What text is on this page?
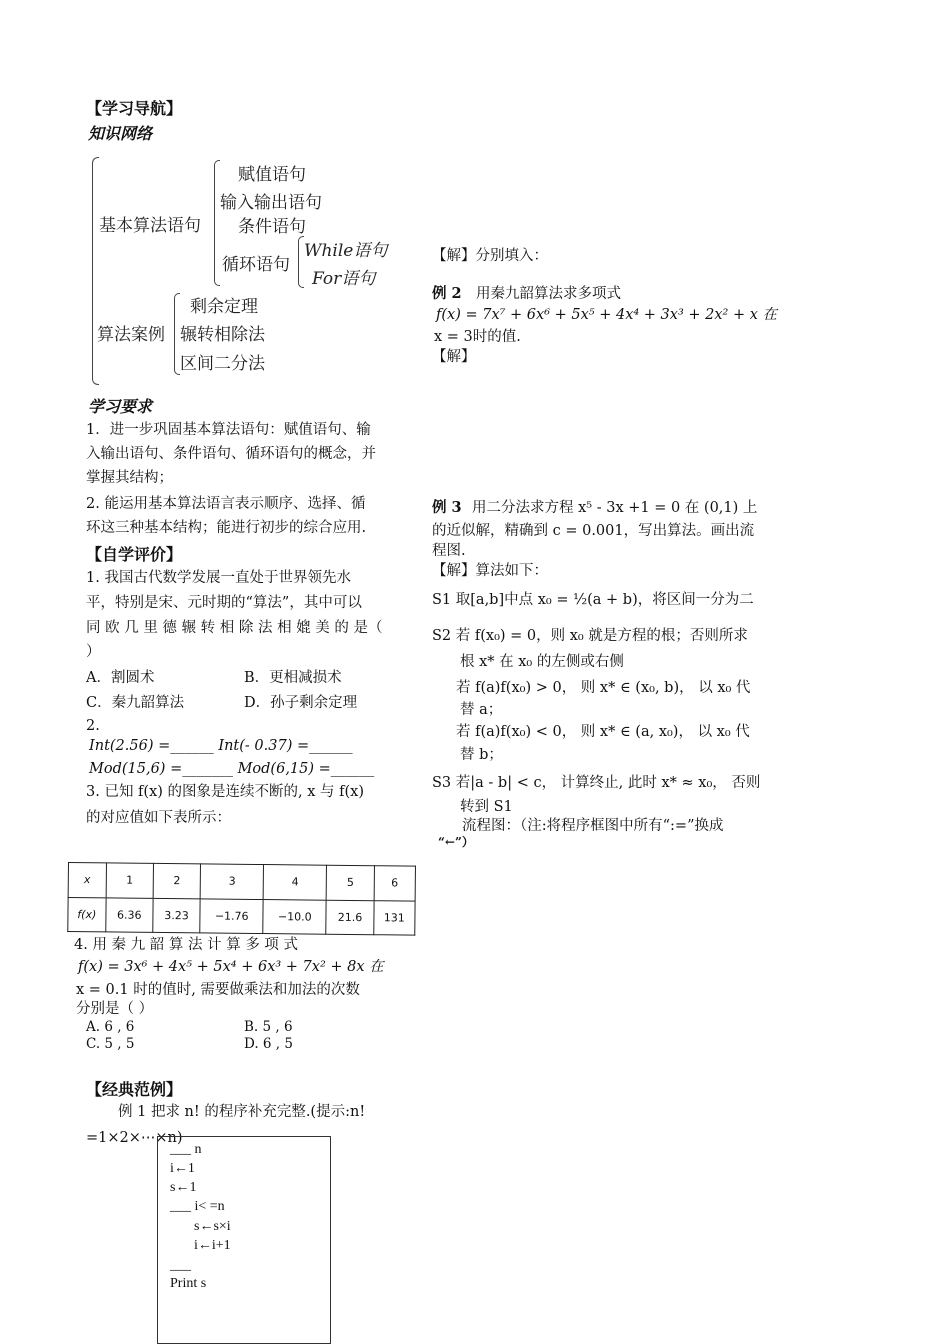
【学习导航】
知识网络
基本算法语句
赋值语句
输入输出语句
条件语句
循环语句
While语句
For语句
算法案例
剩余定理
辗转相除法
区间二分法
学习要求
1．进一步巩固基本算法语句：赋值语句、输
入输出语句、条件语句、循环语句的概念，并
掌握其结构；
2. 能运用基本算法语言表示顺序、选择、循
环这三种基本结构；能进行初步的综合应用.
【自学评价】
1. 我国古代数学发展一直处于世界领先水
平，特别是宋、元时期的“算法”，其中可以
同 欧 几 里 德 辗 转 相 除 法 相 媲 美 的 是（
）
A．割圆术	B．更相减损术
C．秦九韶算法	D．孙子剩余定理
2.
Int(2.56) =______ Int(- 0.37) =______
Mod(15,6) =_______ Mod(6,15) =______
3. 已知 f(x) 的图象是连续不断的, x 与 f(x)
的对应值如下表所示：
x	1	2	3	4	5	6
f(x)	6.36	3.23	−1.76	−10.0	21.6	131
4. 用 秦 九 韶 算 法 计 算 多 项 式
f(x) = 3x⁶ + 4x⁵ + 5x⁴ + 6x³ + 7x² + 8x 在
x = 0.1 时的值时, 需要做乘法和加法的次数
分别是（ ）
A. 6 , 6	B. 5 , 6
C. 5 , 5	D. 6 , 5
【经典范例】
例 1 把求 n! 的程序补充完整.(提示:n!
=1×2×⋯×n)
___ n
i←1
s←1
___ i< =n
s←s×i
i←i+1
___
Print s
【解】分别填入：
例 2 用秦九韶算法求多项式
f(x) = 7x⁷ + 6x⁶ + 5x⁵ + 4x⁴ + 3x³ + 2x² + x 在
x = 3时的值.
【解】
例 3 用二分法求方程 x⁵ - 3x +1 = 0 在 (0,1) 上
的近似解，精确到 c = 0.001，写出算法。画出流
程图.
【解】算法如下：
S1 取[a,b]中点 x₀ = ½(a + b)，将区间一分为二
S2 若 f(x₀) = 0，则 x₀ 就是方程的根；否则所求
根 x* 在 x₀ 的左侧或右侧
若 f(a)f(x₀) > 0， 则 x* ∈ (x₀, b)， 以 x₀ 代
替 a；
若 f(a)f(x₀) < 0， 则 x* ∈ (a, x₀)， 以 x₀ 代
替 b；
S3 若|a - b| < c， 计算终止, 此时 x* ≈ x₀， 否则
转到 S1
流程图：（注:将程序框图中所有“:=”换成
“←”）
